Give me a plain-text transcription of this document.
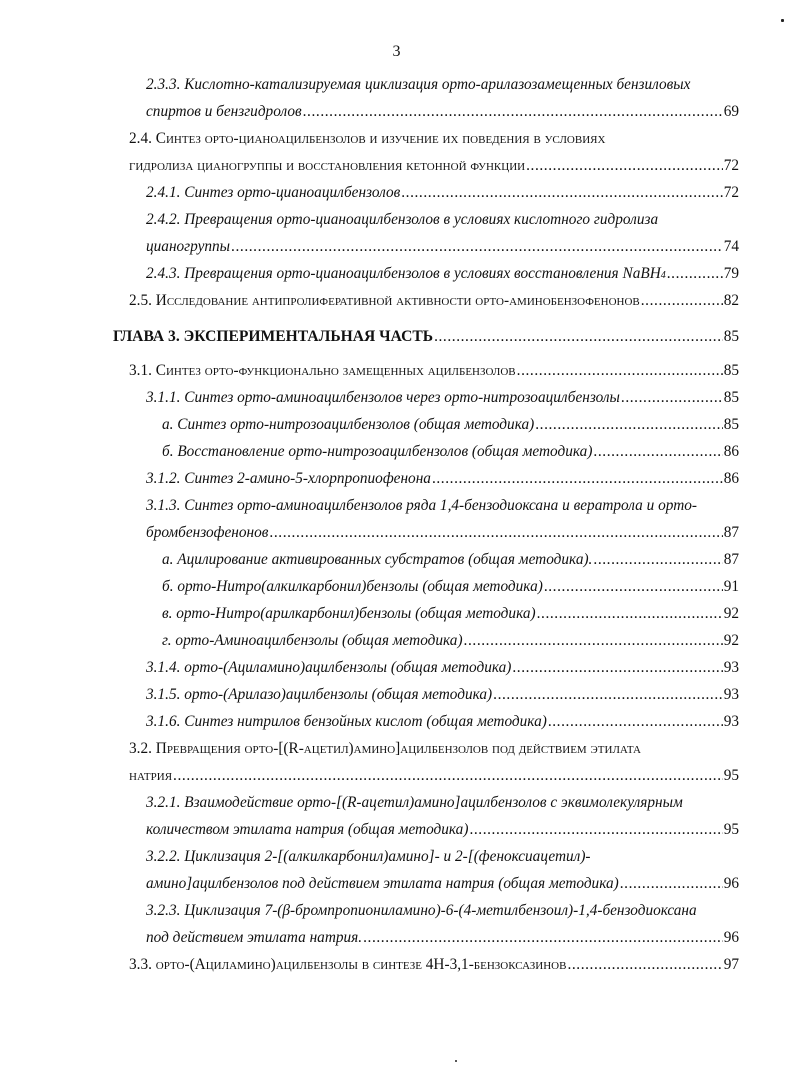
3
2.3.3. Кислотно-катализируемая циклизация орто-арилазозамещенных бензиловых
спиртов и бензгидролов .....	69
2.4. Синтез орто-цианоацилбензолов и изучение их поведения в условиях
гидролиза цианогруппы и восстановления кетонной функции .....	72
2.4.1. Синтез орто-цианоацилбензолов .....	72
2.4.2. Превращения орто-цианоацилбензолов в условиях кислотного гидролиза
цианогруппы .....	74
2.4.3. Превращения орто-цианоацилбензолов в условиях восстановления NaBH 4 .....	79
2.5. Исследование антипролиферативной активности орто-аминобензофенонов .....	82
ГЛАВА 3. ЭКСПЕРИМЕНТАЛЬНАЯ ЧАСТЬ .....	85
3.1. Синтез орто-функционально замещенных ацилбензолов .....	85
3.1.1. Синтез орто-аминоацилбензолов через орто-нитрозоацилбензолы .....	85
а. Синтез орто-нитрозоацилбензолов (общая методика) .....	85
б. Восстановление орто-нитрозоацилбензолов (общая методика) .....	86
3.1.2. Синтез 2-амино-5-хлорпропиофенона .....	86
3.1.3. Синтез орто-аминоацилбензолов ряда 1,4-бензодиоксана и вератрола и орто-
бромбензофенонов .....	87
а. Ацилирование активированных субстратов (общая методика). .....	87
б. орто-Нитро(алкилкарбонил)бензолы (общая методика) .....	91
в. орто-Нитро(арилкарбонил)бензолы (общая методика) .....	92
г. орто-Аминоацилбензолы (общая методика) .....	92
3.1.4. орто-(Ациламино)ацилбензолы (общая методика) .....	93
3.1.5. орто-(Арилазо)ацилбензолы (общая методика) .....	93
3.1.6. Синтез нитрилов бензойных кислот (общая методика) .....	93
3.2. Превращения орто-[(R-ацетил)амино]ацилбензолов под действием этилата
натрия .....	95
3.2.1. Взаимодействие орто-[(R-ацетил)амино]ацилбензолов с эквимолекулярным
количеством этилата натрия (общая методика) .....	95
3.2.2. Циклизация 2-[(алкилкарбонил)амино]- и 2-[(феноксиацетил)-
амино]ацилбензолов под действием этилата натрия (общая методика) .....	96
3.2.3. Циклизация 7-(β-бромпропиониламино)-6-(4-метилбензоил)-1,4-бензодиоксана
под действием этилата натрия. .....	96
3.3. орто-(Ациламино)ацилбензолы в синтезе 4Н-3,1-бензоксазинов .....	97
